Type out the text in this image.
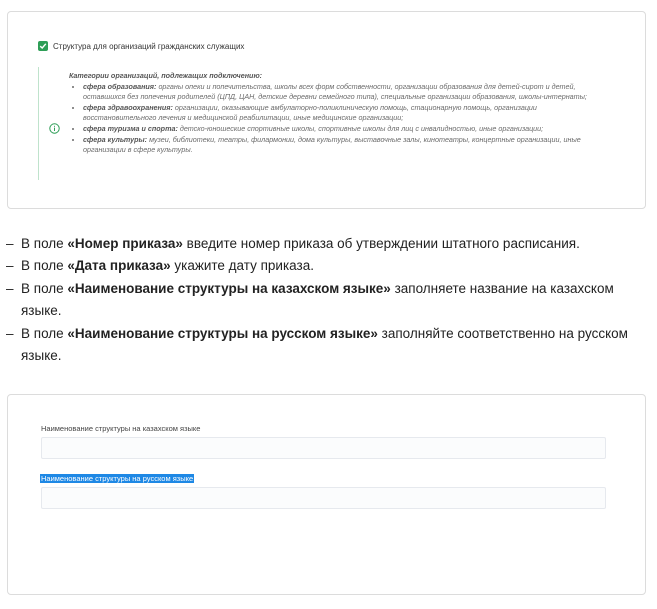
Структура для организаций гражданских служащих
Категории организаций, подлежащих подключению:
• сфера образования: органы опеки и попечительства, школы всех форм собственности, организации образования для детей-сирот и детей, оставшихся без попечения родителей (ЦПД, ЦАН, детские деревни семейного типа), специальные организации образования, школы-интернаты;
• сфера здравоохранения: организации, оказывающие амбулаторно-поликлиническую помощь, стационарную помощь, организации восстановительного лечения и медицинской реабилитации, иные медицинские организации;
• сфера туризма и спорта: детско-юношеские спортивные школы, спортивные школы для лиц с инвалидностью, иные организации;
• сфера культуры: музеи, библиотеки, театры, филармонии, дома культуры, выставочные залы, кинотеатры, концертные организации, иные организации в сфере культуры.
– В поле «Номер приказа» введите номер приказа об утверждении штатного расписания.
– В поле «Дата приказа» укажите дату приказа.
– В поле «Наименование структуры на казахском языке» заполняете название на казахском языке.
– В поле «Наименование структуры на русском языке» заполняйте соответственно на русском языке.
Наименование структуры на казахском языке
Наименование структуры на русском языке
